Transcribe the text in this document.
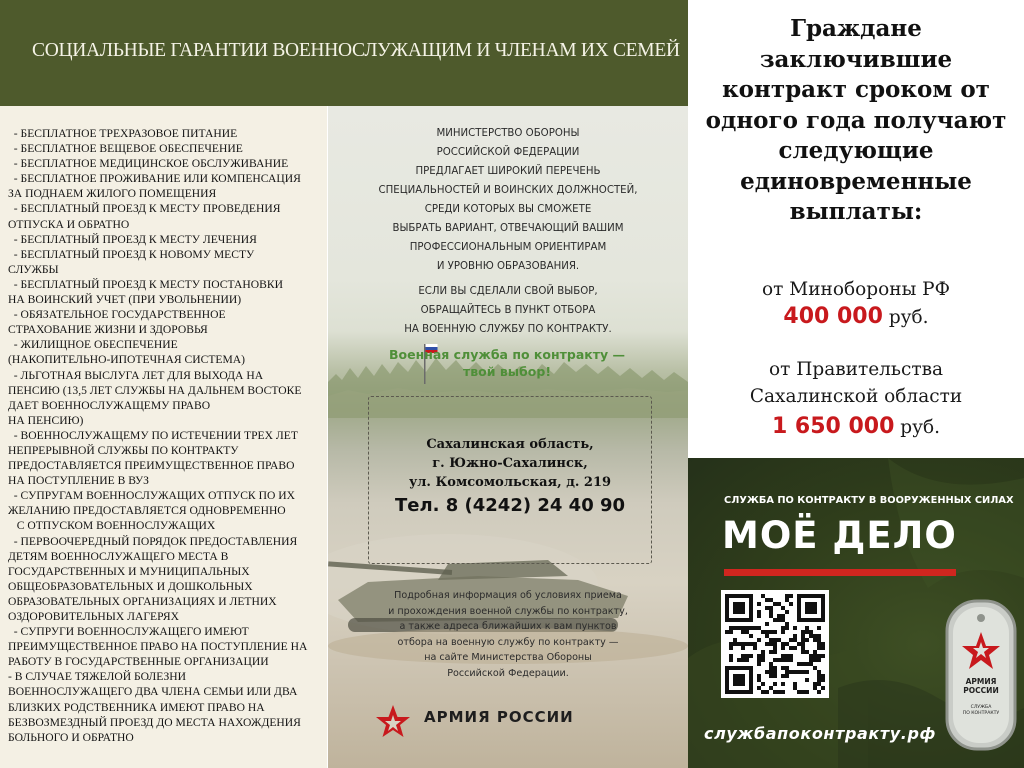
СОЦИАЛЬНЫЕ ГАРАНТИИ ВОЕННОСЛУЖАЩИМ И ЧЛЕНАМ ИХ СЕМЕЙ
- БЕСПЛАТНОЕ ТРЕХРАЗОВОЕ ПИТАНИЕ
- БЕСПЛАТНОЕ ВЕЩЕВОЕ ОБЕСПЕЧЕНИЕ
- БЕСПЛАТНОЕ МЕДИЦИНСКОЕ ОБСЛУЖИВАНИЕ
- БЕСПЛАТНОЕ ПРОЖИВАНИЕ ИЛИ КОМПЕНСАЦИЯ
ЗА ПОДНАЕМ ЖИЛОГО ПОМЕЩЕНИЯ
- БЕСПЛАТНЫЙ ПРОЕЗД К МЕСТУ ПРОВЕДЕНИЯ
ОТПУСКА И ОБРАТНО
- БЕСПЛАТНЫЙ ПРОЕЗД К МЕСТУ ЛЕЧЕНИЯ
- БЕСПЛАТНЫЙ ПРОЕЗД К НОВОМУ МЕСТУ
СЛУЖБЫ
- БЕСПЛАТНЫЙ ПРОЕЗД К МЕСТУ ПОСТАНОВКИ
НА ВОИНСКИЙ УЧЕТ (ПРИ УВОЛЬНЕНИИ)
- ОБЯЗАТЕЛЬНОЕ ГОСУДАРСТВЕННОЕ
СТРАХОВАНИЕ ЖИЗНИ И ЗДОРОВЬЯ
- ЖИЛИЩНОЕ ОБЕСПЕЧЕНИЕ
(НАКОПИТЕЛЬНО-ИПОТЕЧНАЯ СИСТЕМА)
- ЛЬГОТНАЯ ВЫСЛУГА ЛЕТ ДЛЯ ВЫХОДА НА
ПЕНСИЮ (13,5 ЛЕТ СЛУЖБЫ НА ДАЛЬНЕМ ВОСТОКЕ
ДАЕТ ВОЕННОСЛУЖАЩЕМУ ПРАВО
НА ПЕНСИЮ)
- ВОЕННОСЛУЖАЩЕМУ ПО ИСТЕЧЕНИИ ТРЕХ ЛЕТ
НЕПРЕРЫВНОЙ СЛУЖБЫ ПО КОНТРАКТУ
ПРЕДОСТАВЛЯЕТСЯ ПРЕИМУЩЕСТВЕННОЕ ПРАВО
НА ПОСТУПЛЕНИЕ В ВУЗ
- СУПРУГАМ ВОЕННОСЛУЖАЩИХ ОТПУСК ПО ИХ
ЖЕЛАНИЮ ПРЕДОСТАВЛЯЕТСЯ ОДНОВРЕМЕННО
С ОТПУСКОМ ВОЕННОСЛУЖАЩИХ
- ПЕРВООЧЕРЕДНЫЙ ПОРЯДОК ПРЕДОСТАВЛЕНИЯ
ДЕТЯМ ВОЕННОСЛУЖАЩЕГО МЕСТА В
ГОСУДАРСТВЕННЫХ И МУНИЦИПАЛЬНЫХ
ОБЩЕОБРАЗОВАТЕЛЬНЫХ И ДОШКОЛЬНЫХ
ОБРАЗОВАТЕЛЬНЫХ ОРГАНИЗАЦИЯХ И ЛЕТНИХ
ОЗДОРОВИТЕЛЬНЫХ ЛАГЕРЯХ
- СУПРУГИ ВОЕННОСЛУЖАЩЕГО ИМЕЮТ
ПРЕИМУЩЕСТВЕННОЕ ПРАВО НА ПОСТУПЛЕНИЕ НА
РАБОТУ В ГОСУДАРСТВЕННЫЕ ОРГАНИЗАЦИИ
- В СЛУЧАЕ ТЯЖЕЛОЙ БОЛЕЗНИ
ВОЕННОСЛУЖАЩЕГО ДВА ЧЛЕНА СЕМЬИ ИЛИ ДВА
БЛИЗКИХ РОДСТВЕННИКА ИМЕЮТ ПРАВО НА
БЕЗВОЗМЕЗДНЫЙ ПРОЕЗД ДО МЕСТА НАХОЖДЕНИЯ
БОЛЬНОГО И ОБРАТНО
МИНИСТЕРСТВО ОБОРОНЫ
РОССИЙСКОЙ ФЕДЕРАЦИИ
ПРЕДЛАГАЕТ ШИРОКИЙ ПЕРЕЧЕНЬ
СПЕЦИАЛЬНОСТЕЙ И ВОИНСКИХ ДОЛЖНОСТЕЙ,
СРЕДИ КОТОРЫХ ВЫ СМОЖЕТЕ
ВЫБРАТЬ ВАРИАНТ, ОТВЕЧАЮЩИЙ ВАШИМ
ПРОФЕССИОНАЛЬНЫМ ОРИЕНТИРАМ
И УРОВНЮ ОБРАЗОВАНИЯ.
ЕСЛИ ВЫ СДЕЛАЛИ СВОЙ ВЫБОР,
ОБРАЩАЙТЕСЬ В ПУНКТ ОТБОРА
НА ВОЕННУЮ СЛУЖБУ ПО КОНТРАКТУ.
Военная служба по контракту —
твой выбор!
Сахалинская область,
г. Южно-Сахалинск,
ул. Комсомольская, д. 219
Тел. 8 (4242) 24 40 90
Подробная информация об условиях приема
и прохождения военной службы по контракту,
а также адреса ближайших к вам пунктов
отбора на военную службу по контракту —
на сайте Министерства Обороны
Российской Федерации.
АРМИЯ РОССИИ
Граждане
заключившие
контракт сроком от
одного года получают
следующие
единовременные
выплаты:
от Минобороны РФ
400 000 руб.
от Правительства
Сахалинской области
1 650 000 руб.
СЛУЖБА ПО КОНТРАКТУ В ВООРУЖЕННЫХ СИЛАХ
МОЁ ДЕЛО
АРМИЯ
РОССИИ
СЛУЖБА
ПО КОНТРАКТУ
службапоконтракту.рф
